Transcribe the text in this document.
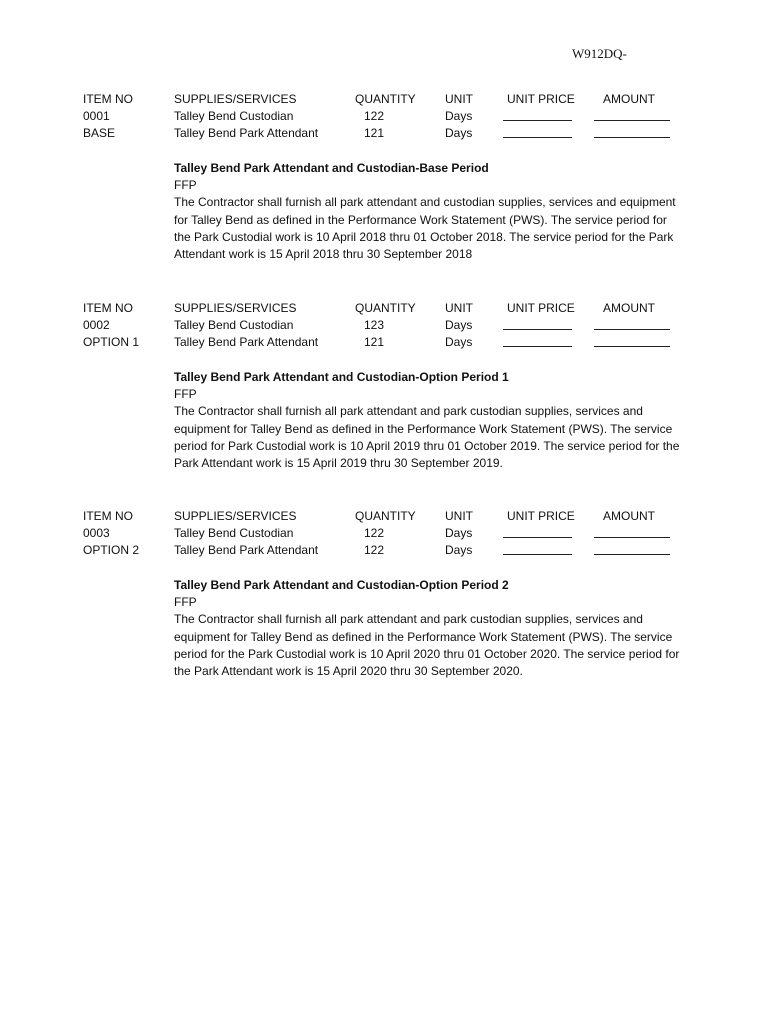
W912DQ-
ITEM NO	SUPPLIES/SERVICES	QUANTITY UNIT	UNIT PRICE AMOUNT
0001	Talley Bend Custodian	122	Days
BASE	Talley Bend Park Attendant	121	Days
Talley Bend Park Attendant and Custodian-Base Period
FFP
The Contractor shall furnish all park attendant and custodian supplies, services and equipment for Talley Bend as defined in the Performance Work Statement (PWS). The service period for the Park Custodial work is 10 April 2018 thru 01 October 2018. The service period for the Park Attendant work is 15 April 2018 thru 30 September 2018
ITEM NO	SUPPLIES/SERVICES	QUANTITY UNIT	UNIT PRICE AMOUNT
0002	Talley Bend Custodian	123	Days
OPTION 1	Talley Bend Park Attendant	121	Days
Talley Bend Park Attendant and Custodian-Option Period 1
FFP
The Contractor shall furnish all park attendant and park custodian supplies, services and equipment for Talley Bend as defined in the Performance Work Statement (PWS). The service period for Park Custodial work is 10 April 2019 thru 01 October 2019. The service period for the Park Attendant work is 15 April 2019 thru 30 September 2019.
ITEM NO	SUPPLIES/SERVICES	QUANTITY UNIT	UNIT PRICE AMOUNT
0003	Talley Bend Custodian	122	Days
OPTION 2	Talley Bend Park Attendant	122	Days
Talley Bend Park Attendant and Custodian-Option Period 2
FFP
The Contractor shall furnish all park attendant and park custodian supplies, services and equipment for Talley Bend as defined in the Performance Work Statement (PWS). The service period for the Park Custodial work is 10 April 2020 thru 01 October 2020. The service period for the Park Attendant work is 15 April 2020 thru 30 September 2020.
